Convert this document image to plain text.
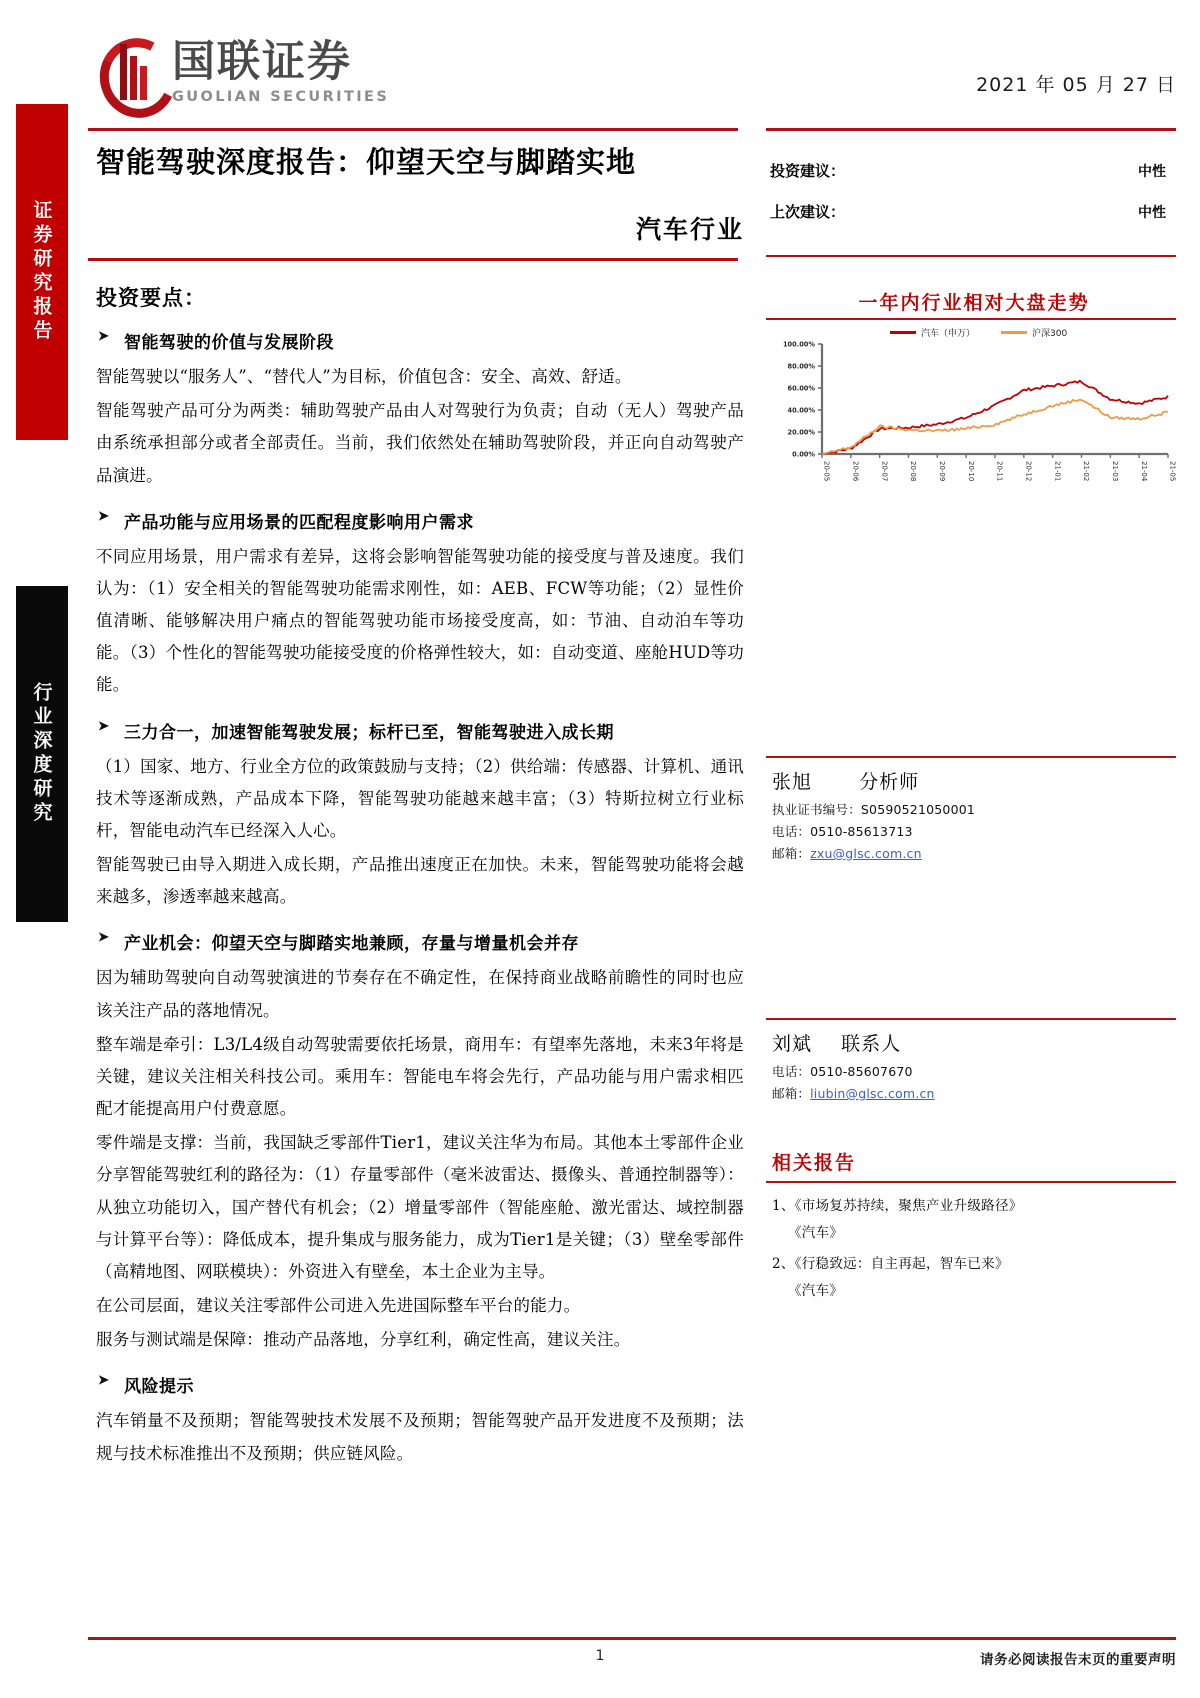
证券研究报告
行业深度研究
国联证券
GUOLIAN SECURITIES
2021 年 05 月 27 日
智能驾驶深度报告：仰望天空与脚踏实地
汽车行业
投资建议：	中性
上次建议：	中性
一年内行业相对大盘走势
汽车（申万）	沪深300
0.00%
20.00%
40.00%
60.00%
80.00%
100.00%
20-05	20-06	20-07	20-08	20-09	20-10	20-11	20-12	21-01	21-02	21-03	21-04	21-05
投资要点：
➤ 智能驾驶的价值与发展阶段
智能驾驶以“服务人”、“替代人”为目标，价值包含：安全、高效、舒适。
智能驾驶产品可分为两类：辅助驾驶产品由人对驾驶行为负责；自动（无人）驾驶产品由系统承担部分或者全部责任。当前，我们依然处在辅助驾驶阶段，并正向自动驾驶产品演进。
➤ 产品功能与应用场景的匹配程度影响用户需求
不同应用场景，用户需求有差异，这将会影响智能驾驶功能的接受度与普及速度。我们认为：（1）安全相关的智能驾驶功能需求刚性，如：AEB、FCW等功能；（2）显性价值清晰、能够解决用户痛点的智能驾驶功能市场接受度高，如：节油、自动泊车等功能。（3）个性化的智能驾驶功能接受度的价格弹性较大，如：自动变道、座舱HUD等功能。
➤ 三力合一，加速智能驾驶发展；标杆已至，智能驾驶进入成长期
（1）国家、地方、行业全方位的政策鼓励与支持；（2）供给端：传感器、计算机、通讯技术等逐渐成熟，产品成本下降，智能驾驶功能越来越丰富；（3）特斯拉树立行业标杆，智能电动汽车已经深入人心。
智能驾驶已由导入期进入成长期，产品推出速度正在加快。未来，智能驾驶功能将会越来越多，渗透率越来越高。
➤ 产业机会：仰望天空与脚踏实地兼顾，存量与增量机会并存
因为辅助驾驶向自动驾驶演进的节奏存在不确定性，在保持商业战略前瞻性的同时也应该关注产品的落地情况。
整车端是牵引：L3/L4级自动驾驶需要依托场景，商用车：有望率先落地，未来3年将是关键，建议关注相关科技公司。乘用车：智能电车将会先行，产品功能与用户需求相匹配才能提高用户付费意愿。
零件端是支撑：当前，我国缺乏零部件Tier1，建议关注华为布局。其他本土零部件企业分享智能驾驶红利的路径为：（1）存量零部件（毫米波雷达、摄像头、普通控制器等）：从独立功能切入，国产替代有机会；（2）增量零部件（智能座舱、激光雷达、域控制器与计算平台等）：降低成本，提升集成与服务能力，成为Tier1是关键；（3）壁垒零部件（高精地图、网联模块）：外资进入有壁垒，本土企业为主导。
在公司层面，建议关注零部件公司进入先进国际整车平台的能力。
服务与测试端是保障：推动产品落地，分享红利，确定性高，建议关注。
➤ 风险提示
汽车销量不及预期；智能驾驶技术发展不及预期；智能驾驶产品开发进度不及预期；法规与技术标准推出不及预期；供应链风险。
张旭 分析师
执业证书编号：S0590521050001
电话：0510-85613713
邮箱：zxu@glsc.com.cn
刘斌 联系人
电话：0510-85607670
邮箱：liubin@glsc.com.cn
相关报告
1、《市场复苏持续，聚焦产业升级路径》
《汽车》
2、《行稳致远：自主再起，智车已来》
《汽车》
1	请务必阅读报告末页的重要声明
